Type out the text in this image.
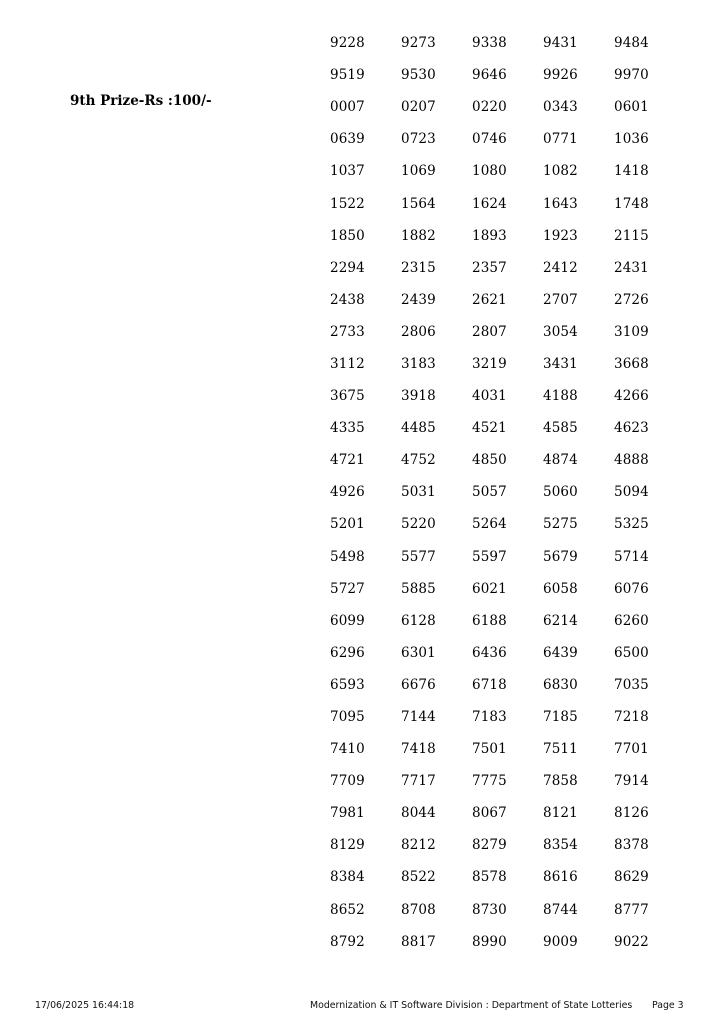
9th Prize-Rs :100/-
9228	9273	9338	9431	9484
9519	9530	9646	9926	9970
0007	0207	0220	0343	0601
0639	0723	0746	0771	1036
1037	1069	1080	1082	1418
1522	1564	1624	1643	1748
1850	1882	1893	1923	2115
2294	2315	2357	2412	2431
2438	2439	2621	2707	2726
2733	2806	2807	3054	3109
3112	3183	3219	3431	3668
3675	3918	4031	4188	4266
4335	4485	4521	4585	4623
4721	4752	4850	4874	4888
4926	5031	5057	5060	5094
5201	5220	5264	5275	5325
5498	5577	5597	5679	5714
5727	5885	6021	6058	6076
6099	6128	6188	6214	6260
6296	6301	6436	6439	6500
6593	6676	6718	6830	7035
7095	7144	7183	7185	7218
7410	7418	7501	7511	7701
7709	7717	7775	7858	7914
7981	8044	8067	8121	8126
8129	8212	8279	8354	8378
8384	8522	8578	8616	8629
8652	8708	8730	8744	8777
8792	8817	8990	9009	9022
17/06/2025 16:44:18	Modernization & IT Software Division : Department of State Lotteries Page 3
